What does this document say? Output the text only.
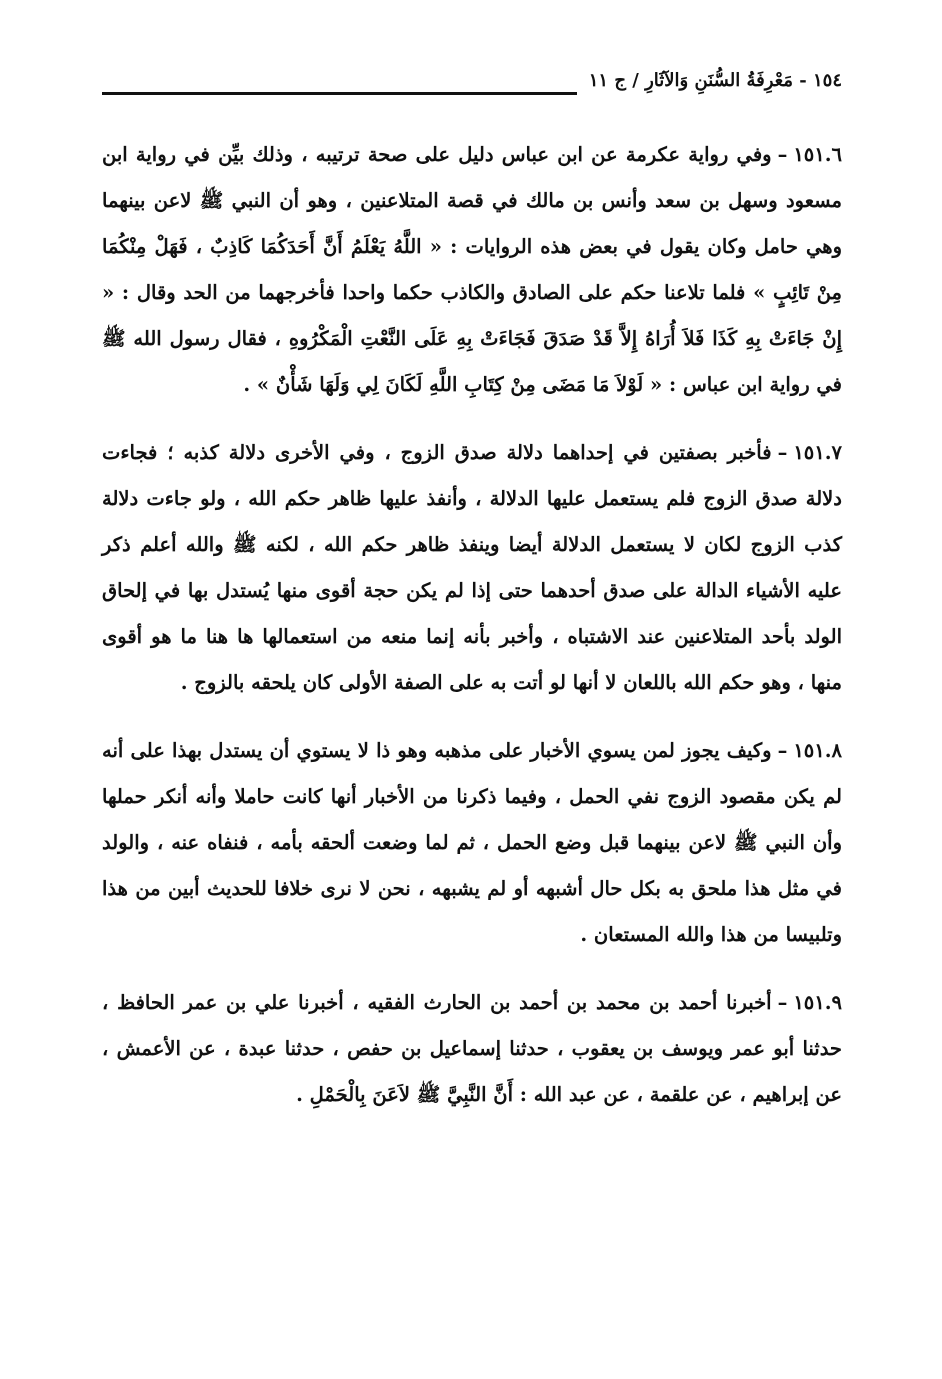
١٥٤ - مَعْرِفَةُ السُّنَنِ وَالآثَارِ / ج ١١

١٥١.٦–وفي رواية عكرمة عن ابن عباس دليل على صحة ترتيبه ، وذلك بيِّن في رواية ابن مسعود وسهل بن سعد وأنس بن مالك في قصة المتلاعنين ، وهو أن النبي ﷺ لاعن بينهما وهي حامل وكان يقول في بعض هذه الروايات : « اللَّهُ يَعْلَمُ أَنَّ أَحَدَكُمَا كَاذِبٌ ، فَهَلْ مِنْكُمَا مِنْ تَائِبٍ » فلما تلاعنا حكم على الصادق والكاذب حكما واحدا فأخرجهما من الحد وقال : « إِنْ جَاءَتْ بِهِ كَذَا فَلاَ أُرَاهُ إِلاَّ قَدْ صَدَقَ فَجَاءَتْ بِهِ عَلَى النَّعْتِ الْمَكْرُوهِ ، فقال رسول الله ﷺ في رواية ابن عباس : « لَوْلاَ مَا مَضَى مِنْ كِتَابِ اللَّهِ لَكَانَ لِي وَلَهَا شَأْنٌ » .

١٥١.٧–فأخبر بصفتين في إحداهما دلالة صدق الزوج ، وفي الأخرى دلالة كذبه ؛ فجاءت دلالة صدق الزوج فلم يستعمل عليها الدلالة ، وأنفذ عليها ظاهر حكم الله ، ولو جاءت دلالة كذب الزوج لكان لا يستعمل الدلالة أيضا وينفذ ظاهر حكم الله ، لكنه ﷺ والله أعلم ذكر عليه الأشياء الدالة على صدق أحدهما حتى إذا لم يكن حجة أقوى منها يُستدل بها في إلحاق الولد بأحد المتلاعنين عند الاشتباه ، وأخبر بأنه إنما منعه من استعمالها ها هنا ما هو أقوى منها ، وهو حكم الله باللعان لا أنها لو أتت به على الصفة الأولى كان يلحقه بالزوج .

١٥١.٨–وكيف يجوز لمن يسوي الأخبار على مذهبه وهو ذا لا يستوي أن يستدل بهذا على أنه لم يكن مقصود الزوج نفي الحمل ، وفيما ذكرنا من الأخبار أنها كانت حاملا وأنه أنكر حملها وأن النبي ﷺ لاعن بينهما قبل وضع الحمل ، ثم لما وضعت ألحقه بأمه ، فنفاه عنه ، والولد في مثل هذا ملحق به بكل حال أشبهه أو لم يشبهه ، نحن لا نرى خلافا للحديث أبين من هذا وتلبيسا من هذا والله المستعان .

١٥١.٩–أخبرنا أحمد بن محمد بن أحمد بن الحارث الفقيه ، أخبرنا علي بن عمر الحافظ ، حدثنا أبو عمر ويوسف بن يعقوب ، حدثنا إسماعيل بن حفص ، حدثنا عبدة ، عن الأعمش ، عن إبراهيم ، عن علقمة ، عن عبد الله : أَنَّ النَّبِيَّ ﷺ لاَعَنَ بِالْحَمْلِ .
